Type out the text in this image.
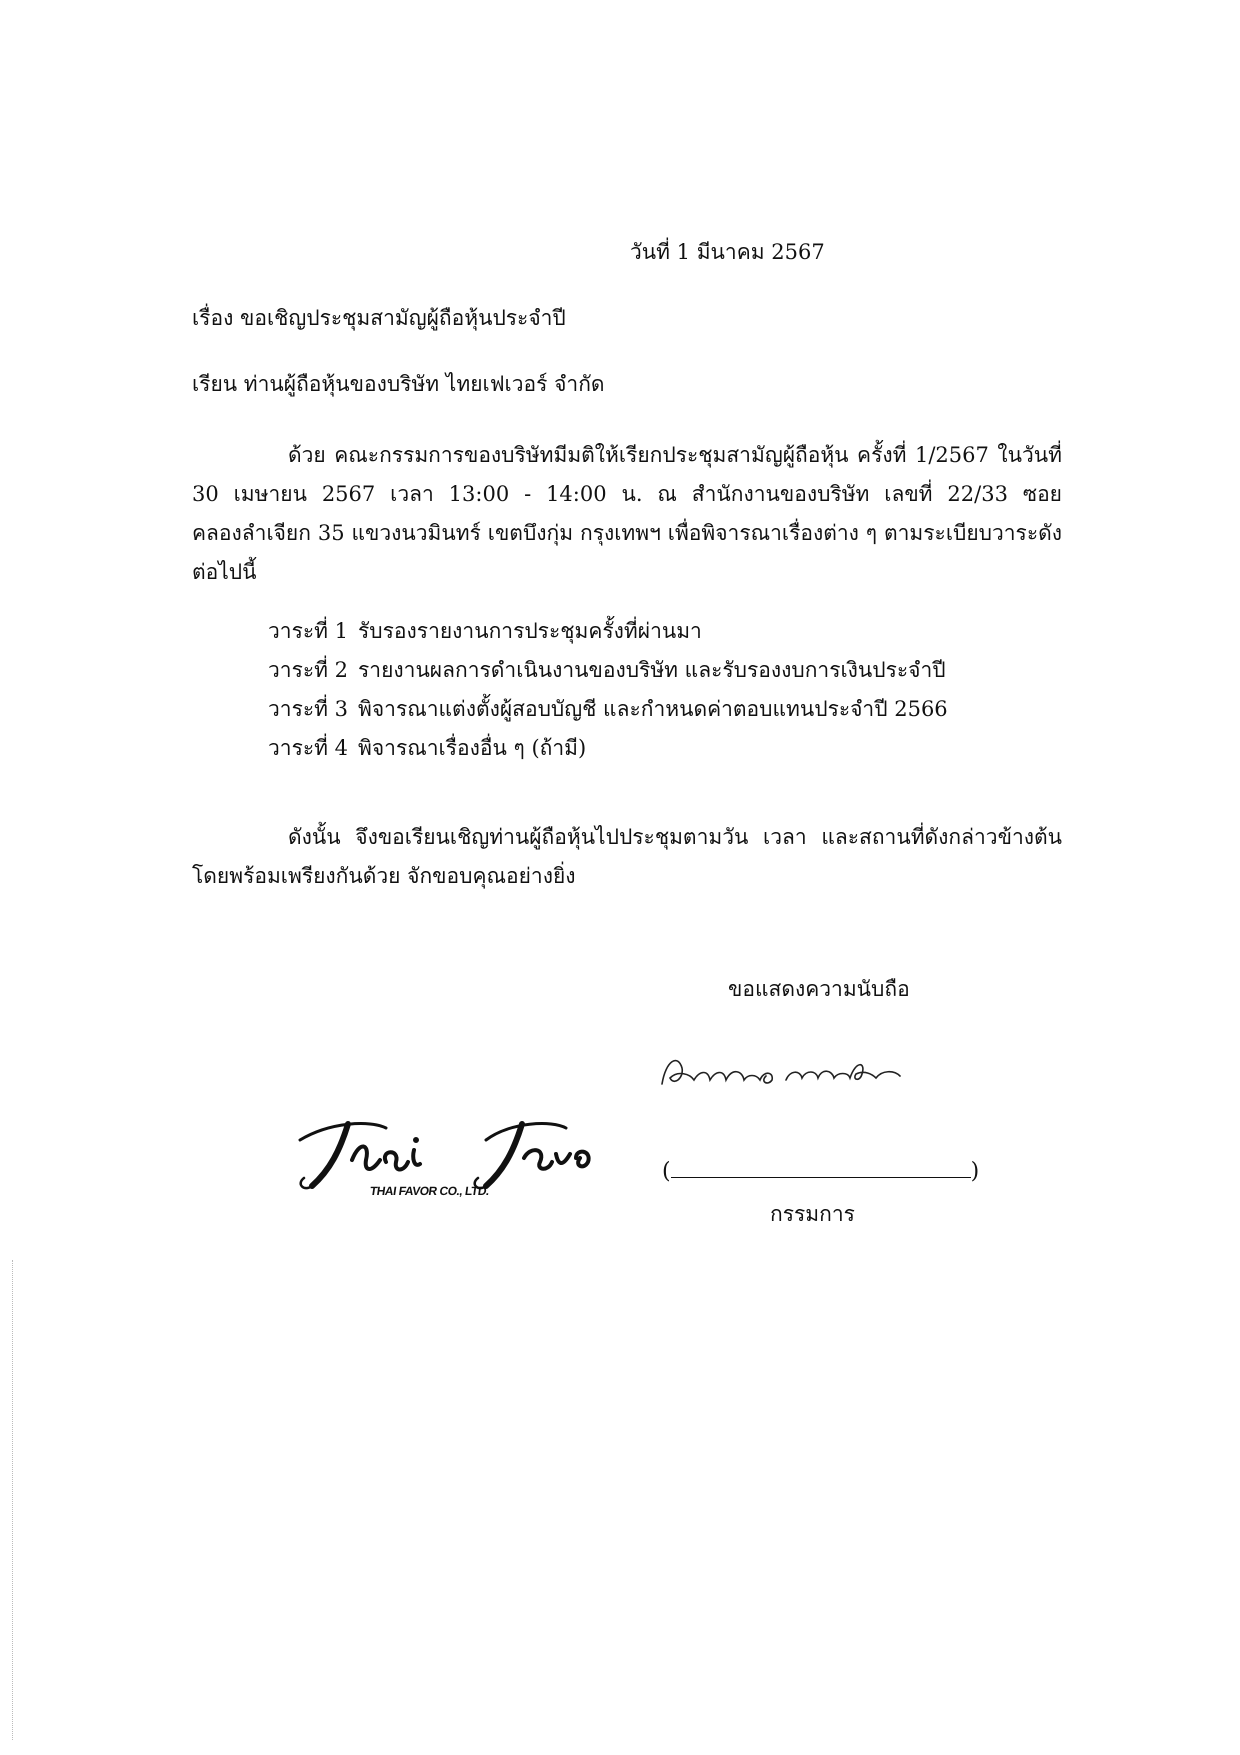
วันที่ 1 มีนาคม 2567
เรื่อง ขอเชิญประชุมสามัญผู้ถือหุ้นประจำปี
เรียน ท่านผู้ถือหุ้นของบริษัท ไทยเฟเวอร์ จำกัด
ด้วย คณะกรรมการของบริษัทมีมติให้เรียกประชุมสามัญผู้ถือหุ้น ครั้งที่ 1/2567 ในวันที่ 30 เมษายน 2567 เวลา 13:00 - 14:00 น. ณ สำนักงานของบริษัท เลขที่ 22/33 ซอยคลองลำเจียก 35 แขวงนวมินทร์ เขตบึงกุ่ม กรุงเทพฯ เพื่อพิจารณาเรื่องต่าง ๆ ตามระเบียบวาระดังต่อไปนี้
วาระที่ 1 รับรองรายงานการประชุมครั้งที่ผ่านมา
วาระที่ 2 รายงานผลการดำเนินงานของบริษัท และรับรองงบการเงินประจำปี
วาระที่ 3 พิจารณาแต่งตั้งผู้สอบบัญชี และกำหนดค่าตอบแทนประจำปี 2566
วาระที่ 4 พิจารณาเรื่องอื่น ๆ (ถ้ามี)
ดังนั้น จึงขอเรียนเชิญท่านผู้ถือหุ้นไปประชุมตามวัน เวลา และสถานที่ดังกล่าวข้างต้นโดยพร้อมเพรียงกันด้วย จักขอบคุณอย่างยิ่ง
ขอแสดงความนับถือ
(	)
กรรมการ
THAI FAVOR CO., LTD.
